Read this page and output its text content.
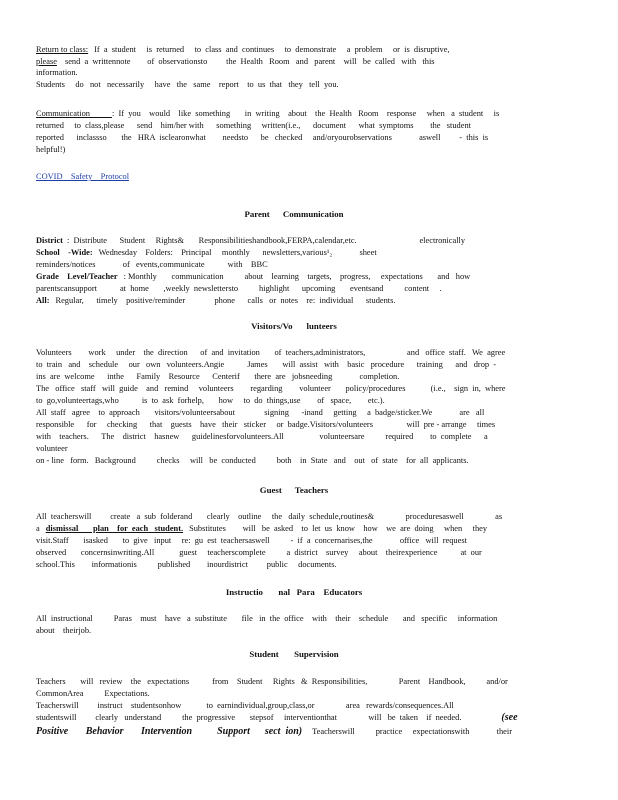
Return to class: If  a  student     is  returned     to  class  and  continues     to  demonstrate     a  problem     or  is  disruptive,
please send  a  writtennote        of  observationsto         the  Health   Room   and   parent    will   be  called   with   this
information.
Students     do   not   necessarily     have   the   same    report    to  us  that   they   tell  you.
Communication	:  If  you    would    like  something       in  writing    about    the  Health   Room    response     when   a  student     is
returned     to  class,please      send    him/her with      something     written(i.e.,      document      what  symptoms        the   student
reported      inclassso       the   HRA  isclearonwhat        needsto      be   checked     and/oryourobservations             aswell         -  this  is
helpful!)
COVID    Safety    Protocol
Parent      Communication
District :  Distribute      Student     Rights&       Responsibilitieshandbook,FERPA,calendar,etc.                              electronically
School    -Wide: Wednesday    Folders:    Principal     monthly      newsletters,various¹₂             sheet
reminders/notices             of   events,communicate           with    BBC
Grade    Level/Teacher : Monthly       communication          about    learning    targets,    progress,     expectations       and   how
parentscansupport           at  home       ,weekly  newslettersto          highlight      upcoming       eventsand          content     .
All: Regular,      timely    positive/reminder              phone      calls   or  notes    re:  individual      students.
Visitors/Vo lunteers
Volunteers        work     under    the  direction      of  and  invitation       of  teachers,administrators,                    and   office  staff.   We  agree
to  train   and    schedule     our   own   volunteers.Angie           James       will  assist   with    basic   procedure      training      and   drop  -
ins  are  welcome      inthe      Family    Resource      Centerif       there  are   jobsneeding             completion.
The   office   staff   will  guide    and   remind     volunteers        regarding        volunteer       policy/procedures            (i.e.,    sign  in,  where
to  go,volunteertags,who           is  to  ask  forhelp,       how     to  do  things,use        of   space,        etc.).
All  staff   agree    to  approach       visitors/volunteersabout              signing      -inand     getting     a  badge/sticker.We             are   all
responsible      for     checking      that    guests    have   their   sticker     or  badge.Visitors/volunteers                will  pre - arrange     times
with    teachers.      The    district    hasnew      guidelinesforvolunteers.All                 volunteersare          required        to  complete      a
volunteer
on - line   form.   Background          checks     will   be  conducted          both    in  State   and    out   of  state    for  all  applicants.
Guest      Teachers
All  teacherswill         create   a  sub  folderand       clearly    outline     the   daily  schedule,routines&               proceduresaswell               as
a dismissal       plan    for  each   student. Substitutes        will   be  asked    to  let  us  know    how    we  are  doing     when     they
visit.Staff       isasked       to  give   input     re:  gu  est  teachersaswell          -  if  a  concernarises,the             office   will  request
observed       concernsinwriting.All            guest     teacherscomplete          a  district    survey     about    theirexperience           at  our
school.This        informationis          published        inourdistrict         public     documents.
Instructio       nal   Para    Educators
All  instructional          Paras    must    have   a  substitute       file   in  the  office    with    their    schedule       and   specific     information
about    theirjob.
Student       Supervision
Teachers       will   review    the   expectations           from    Student     Rights   &  Responsibilities,               Parent    Handbook,          and/or
CommonArea          Expectations.
Teacherswill         instruct    studentsonhow            to  earnindividual,group,class,or               area   rewards/consequences.All
studentswill         clearly   understand          the  progressive       stepsof     interventionthat               will   be  taken    if  needed.	(see
Positive       Behavior       Intervention          Support      sect  ion) Teacherswill          practice     expectationswith             their
